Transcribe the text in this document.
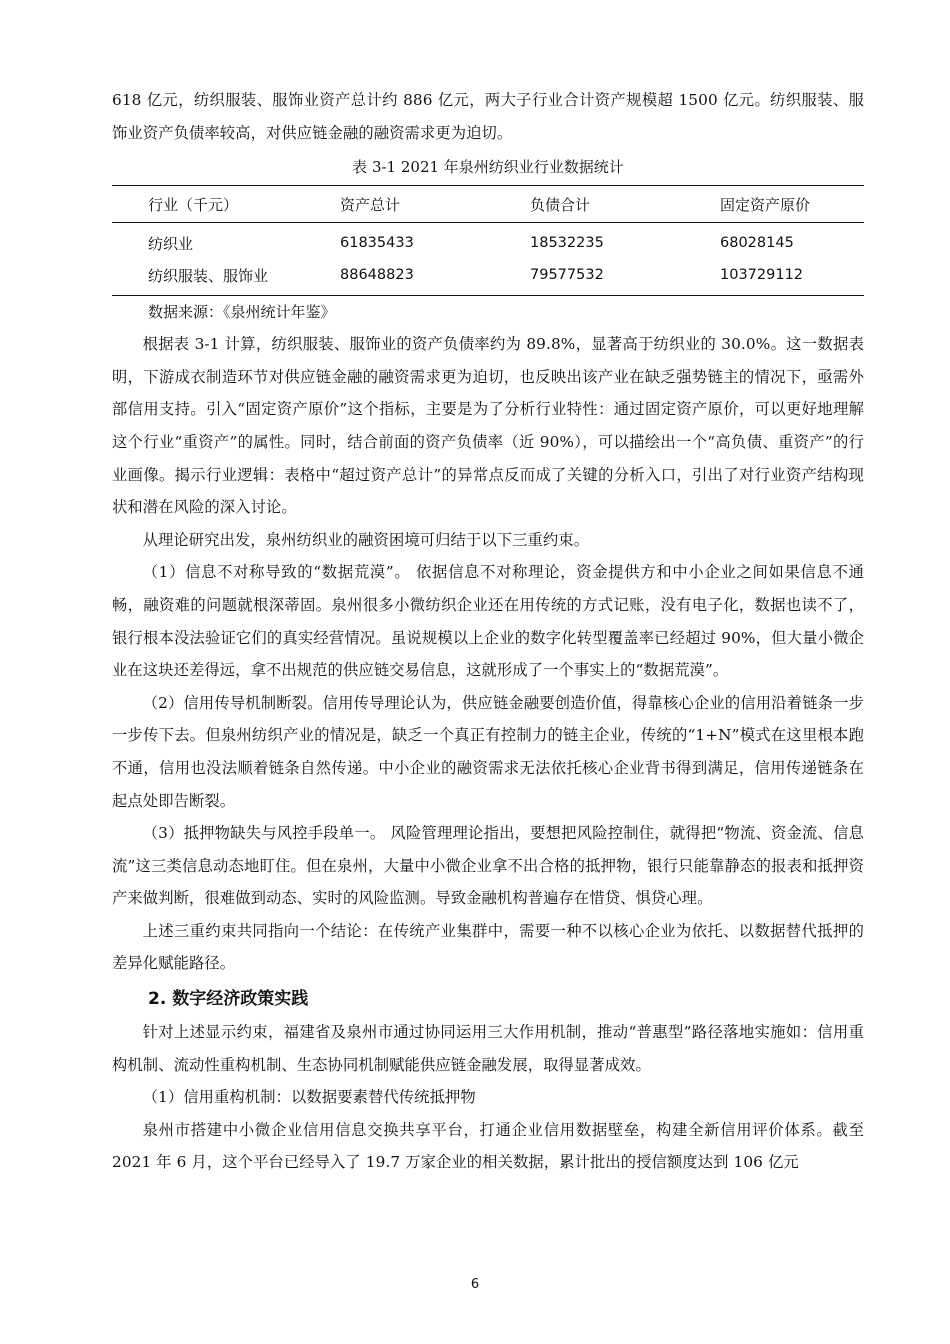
618 亿元，纺织服装、服饰业资产总计约 886 亿元，两大子行业合计资产规模超 1500 亿元。纺织服装、服饰业资产负债率较高，对供应链金融的融资需求更为迫切。

表 3-1 2021 年泉州纺织业行业数据统计
行业（千元）	资产总计	负债合计	固定资产原价
纺织业	61835433	18532235	68028145
纺织服装、服饰业	88648823	79577532	103729112
数据来源：《泉州统计年鉴》

根据表 3-1 计算，纺织服装、服饰业的资产负债率约为 89.8%，显著高于纺织业的 30.0%。这一数据表明，下游成衣制造环节对供应链金融的融资需求更为迫切，也反映出该产业在缺乏强势链主的情况下，亟需外部信用支持。引入“固定资产原价”这个指标，主要是为了分析行业特性：通过固定资产原价，可以更好地理解这个行业“重资产”的属性。同时，结合前面的资产负债率（近 90%），可以描绘出一个“高负债、重资产”的行业画像。揭示行业逻辑：表格中“超过资产总计”的异常点反而成了关键的分析入口，引出了对行业资产结构现状和潜在风险的深入讨论。

从理论研究出发，泉州纺织业的融资困境可归结于以下三重约束。

（1）信息不对称导致的“数据荒漠”。 依据信息不对称理论，资金提供方和中小企业之间如果信息不通畅，融资难的问题就根深蒂固。泉州很多小微纺织企业还在用传统的方式记账，没有电子化，数据也读不了，银行根本没法验证它们的真实经营情况。虽说规模以上企业的数字化转型覆盖率已经超过 90%，但大量小微企业在这块还差得远，拿不出规范的供应链交易信息，这就形成了一个事实上的“数据荒漠”。

（2）信用传导机制断裂。信用传导理论认为，供应链金融要创造价值，得靠核心企业的信用沿着链条一步一步传下去。但泉州纺织产业的情况是，缺乏一个真正有控制力的链主企业，传统的“1+N”模式在这里根本跑不通，信用也没法顺着链条自然传递。中小企业的融资需求无法依托核心企业背书得到满足，信用传递链条在起点处即告断裂。

（3）抵押物缺失与风控手段单一。 风险管理理论指出，要想把风险控制住，就得把“物流、资金流、信息流”这三类信息动态地盯住。但在泉州，大量中小微企业拿不出合格的抵押物，银行只能靠静态的报表和抵押资产来做判断，很难做到动态、实时的风险监测。导致金融机构普遍存在惜贷、惧贷心理。

上述三重约束共同指向一个结论：在传统产业集群中，需要一种不以核心企业为依托、以数据替代抵押的差异化赋能路径。

2. 数字经济政策实践

针对上述显示约束，福建省及泉州市通过协同运用三大作用机制，推动“普惠型”路径落地实施如：信用重构机制、流动性重构机制、生态协同机制赋能供应链金融发展，取得显著成效。

（1）信用重构机制：以数据要素替代传统抵押物

泉州市搭建中小微企业信用信息交换共享平台，打通企业信用数据壁垒，构建全新信用评价体系。截至 2021 年 6 月，这个平台已经导入了 19.7 万家企业的相关数据，累计批出的授信额度达到 106 亿元

6
